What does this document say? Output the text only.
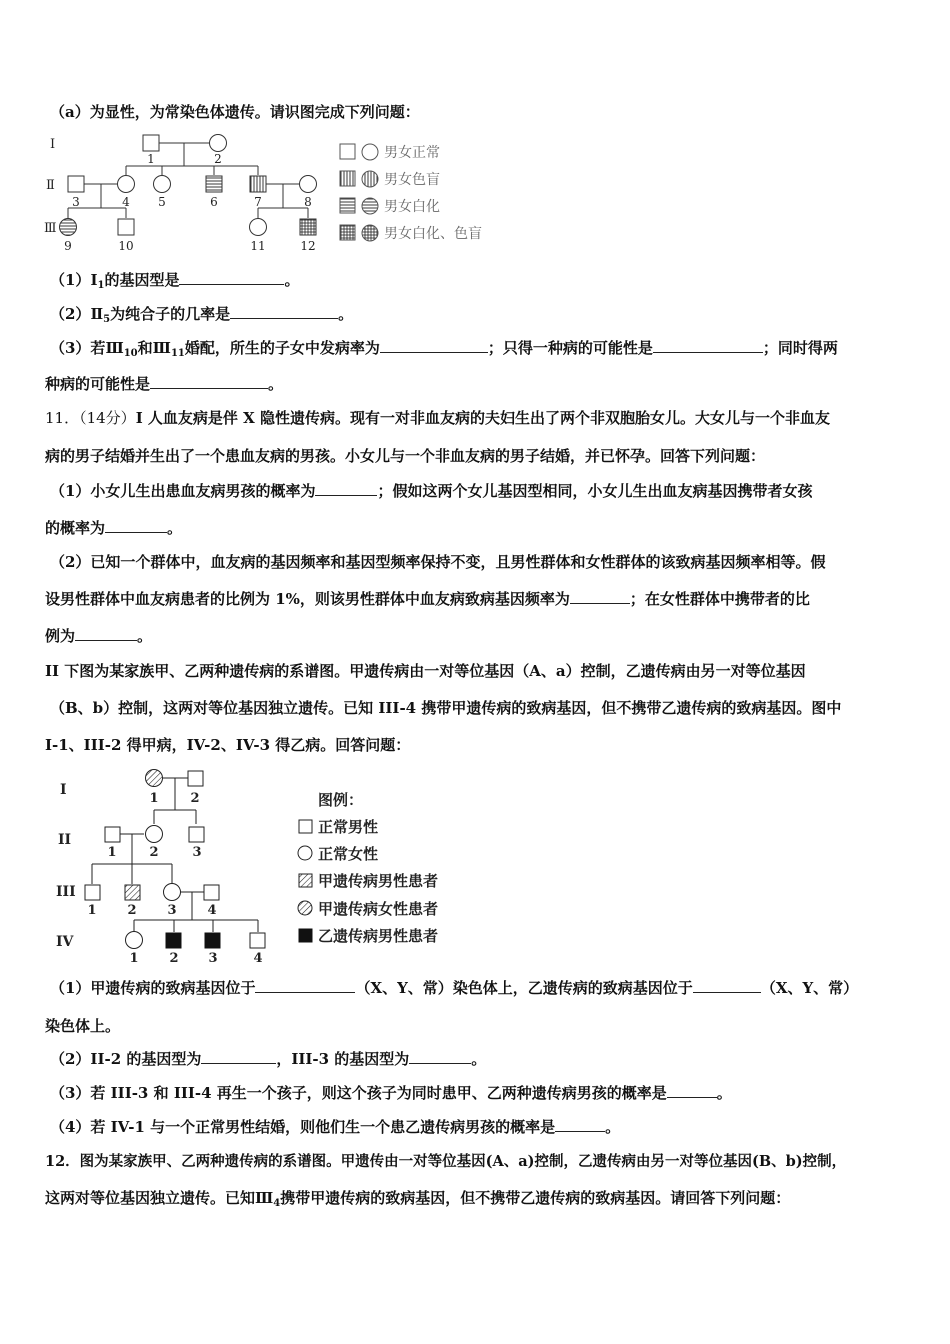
（a）为显性，为常染色体遗传。请识图完成下列问题：
Ⅰ
Ⅱ
Ⅲ
1	2
3	4 5	6	7	8
9	10	11	12
男女正常
男女色盲
男女白化
男女白化、色盲
$(1)Ⅰ_1$的基因型是	。
$(2)Ⅱ_5$为纯合子的几率是	。
（3）若$Ⅲ_{10}$和$Ⅲ_{11}$婚配，所生的子女中发病率为	；只得一种病的可能性是	；同时得两
种病的可能性是	。
11．（14分）I 人血友病是伴 X 隐性遗传病。现有一对非血友病的夫妇生出了两个非双胞胎女儿。大女儿与一个非血友
病的男子结婚并生出了一个患血友病的男孩。小女儿与一个非血友病的男子结婚，并已怀孕。回答下列问题：
（1）小女儿生出患血友病男孩的概率为	；假如这两个女儿基因型相同，小女儿生出血友病基因携带者女孩
的概率为	。
（2）已知一个群体中，血友病的基因频率和基因型频率保持不变，且男性群体和女性群体的该致病基因频率相等。假
设男性群体中血友病患者的比例为 1%，则该男性群体中血友病致病基因频率为	；在女性群体中携带者的比
例为	。
II 下图为某家族甲、乙两种遗传病的系谱图。甲遗传病由一对等位基因（A、a）控制，乙遗传病由另一对等位基因
（B、b）控制，这两对等位基因独立遗传。已知 III-4 携带甲遗传病的致病基因，但不携带乙遗传病的致病基因。图中
I-1、III-2 得甲病，IV-2、IV-3 得乙病。回答问题：
I
II
III
IV
1 2
1	2	3
1 2 3 4
1 2 3	4
图例：
正常男性
正常女性
甲遗传病男性患者
甲遗传病女性患者
乙遗传病男性患者
（1）甲遗传病的致病基因位于	（X、Y、常）染色体上，乙遗传病的致病基因位于	（X、Y、常）
染色体上。
（2）II-2 的基因型为	，III-3 的基因型为	。
（3）若 III-3 和 III-4 再生一个孩子，则这个孩子为同时患甲、乙两种遗传病男孩的概率是	。
（4）若 IV-1 与一个正常男性结婚，则他们生一个患乙遗传病男孩的概率是	。
12．图为某家族甲、乙两种遗传病的系谱图。甲遗传由一对等位基因(A、a)控制，乙遗传病由另一对等位基因(B、b)控制，
这两对等位基因独立遗传。已知$Ⅲ_4$携带甲遗传病的致病基因，但不携带乙遗传病的致病基因。请回答下列问题：
